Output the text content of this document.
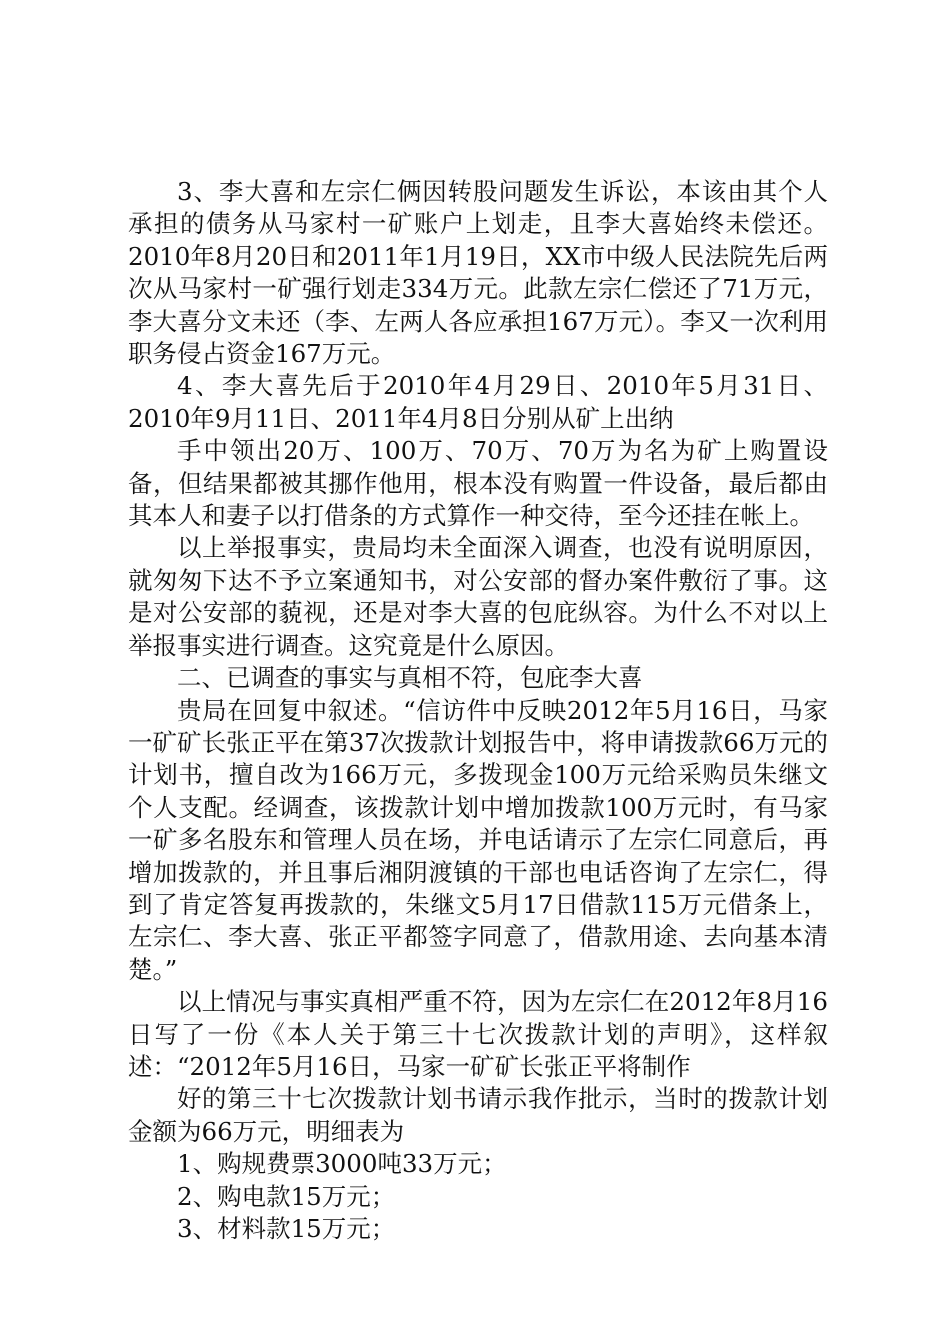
3、李大喜和左宗仁俩因转股问题发生诉讼，本该由其个人承担的债务从马家村一矿账户上划走，且李大喜始终未偿还。2010年8月20日和2011年1月19日，XX市中级人民法院先后两次从马家村一矿强行划走334万元。此款左宗仁偿还了71万元，李大喜分文未还（李、左两人各应承担167万元）。李又一次利用职务侵占资金167万元。

4、李大喜先后于2010年4月29日、2010年5月31日、2010年9月11日、2011年4月8日分别从矿上出纳

手中领出20万、100万、70万、70万为名为矿上购置设备，但结果都被其挪作他用，根本没有购置一件设备，最后都由其本人和妻子以打借条的方式算作一种交待，至今还挂在帐上。

以上举报事实，贵局均未全面深入调查，也没有说明原因，就匆匆下达不予立案通知书，对公安部的督办案件敷衍了事。这是对公安部的藐视，还是对李大喜的包庇纵容。为什么不对以上举报事实进行调查。这究竟是什么原因。

二、已调查的事实与真相不符，包庇李大喜

贵局在回复中叙述。“信访件中反映2012年5月16日，马家一矿矿长张正平在第37次拨款计划报告中，将申请拨款66万元的计划书，擅自改为166万元，多拨现金100万元给采购员朱继文个人支配。经调查，该拨款计划中增加拨款100万元时，有马家一矿多名股东和管理人员在场，并电话请示了左宗仁同意后，再增加拨款的，并且事后湘阴渡镇的干部也电话咨询了左宗仁，得到了肯定答复再拨款的，朱继文5月17日借款115万元借条上，左宗仁、李大喜、张正平都签字同意了，借款用途、去向基本清楚。”

以上情况与事实真相严重不符，因为左宗仁在2012年8月16日写了一份《本人关于第三十七次拨款计划的声明》，这样叙述：“2012年5月16日，马家一矿矿长张正平将制作

好的第三十七次拨款计划书请示我作批示，当时的拨款计划金额为66万元，明细表为

1、购规费票3000吨33万元；

2、购电款15万元；

3、材料款15万元；
